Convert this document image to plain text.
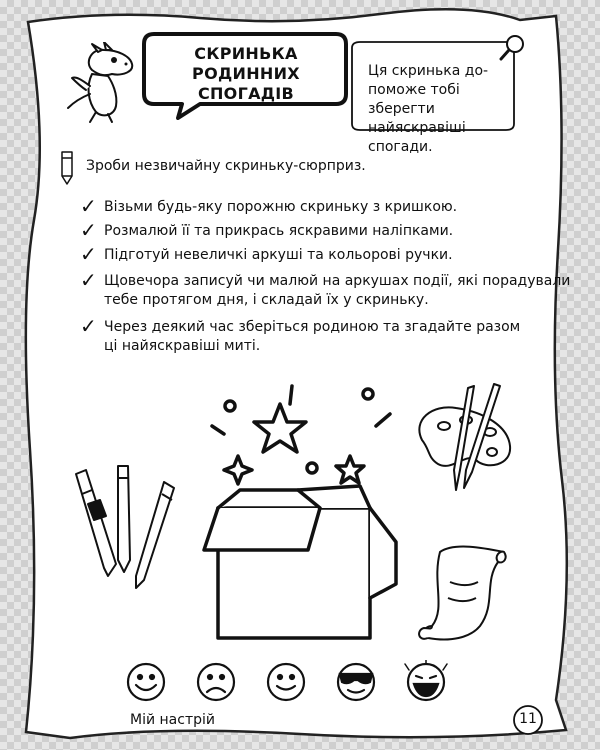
СКРИНЬКА РОДИННИХ
СПОГАДІВ
Ця скринька до-
поможе тобі зберегти
найяскравіші спогади.
Зроби незвичайну скриньку-сюрприз.
✓ Візьми будь-яку порожню скриньку з кришкою.
✓ Розмалюй її та прикрась яскравими наліпками.
✓ Підготуй невеличкі аркуші та кольорові ручки.
✓ Щовечора записуй чи малюй на аркушах події, які порадували
тебе протягом дня, і складай їх у скриньку.
✓ Через деякий час зберіться родиною та згадайте разом
ці найяскравіші миті.
Мій настрій	11
